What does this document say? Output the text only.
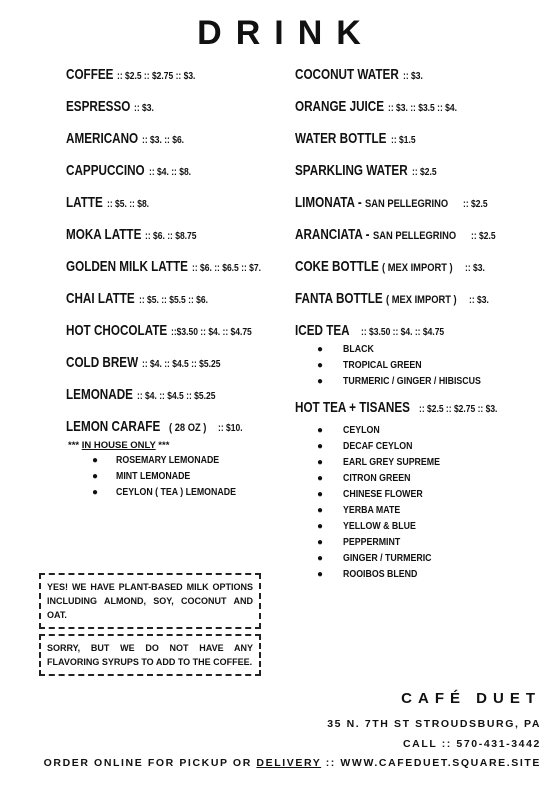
DRINK
COFFEE :: $2.5 :: $2.75 :: $3.
ESPRESSO :: $3.
AMERICANO :: $3. :: $6.
CAPPUCCINO :: $4. :: $8.
LATTE :: $5. :: $8.
MOKA LATTE :: $6. :: $8.75
GOLDEN MILK LATTE :: $6. :: $6.5 :: $7.
CHAI LATTE :: $5. :: $5.5 :: $6.
HOT CHOCOLATE ::$3.50 :: $4. :: $4.75
COLD BREW :: $4. :: $4.5 :: $5.25
LEMONADE :: $4. :: $4.5 :: $5.25
LEMON CARAFE ( 28 OZ ) :: $10.
*** IN HOUSE ONLY ***
● ROSEMARY LEMONADE
● MINT LEMONADE
● CEYLON ( TEA ) LEMONADE
COCONUT WATER :: $3.
ORANGE JUICE :: $3. :: $3.5 :: $4.
WATER BOTTLE :: $1.5
SPARKLING WATER :: $2.5
LIMONATA - SAN PELLEGRINO :: $2.5
ARANCIATA - SAN PELLEGRINO :: $2.5
COKE BOTTLE ( MEX IMPORT ) :: $3.
FANTA BOTTLE ( MEX IMPORT ) :: $3.
ICED TEA :: $3.50 :: $4. :: $4.75
● BLACK
● TROPICAL GREEN
● TURMERIC / GINGER / HIBISCUS
HOT TEA + TISANES :: $2.5 :: $2.75 :: $3.
● CEYLON
● DECAF CEYLON
● EARL GREY SUPREME
● CITRON GREEN
● CHINESE FLOWER
● YERBA MATE
● YELLOW & BLUE
● PEPPERMINT
● GINGER / TURMERIC
● ROOIBOS BLEND
YES! WE HAVE PLANT-BASED MILK OPTIONS INCLUDING ALMOND, SOY, COCONUT AND OAT.
SORRY, BUT WE DO NOT HAVE ANY FLAVORING SYRUPS TO ADD TO THE COFFEE.
CAFÉ DUET
35 N. 7TH ST STROUDSBURG, PA
CALL :: 570-431-3442
ORDER ONLINE FOR PICKUP OR DELIVERY :: WWW.CAFEDUET.SQUARE.SITE
